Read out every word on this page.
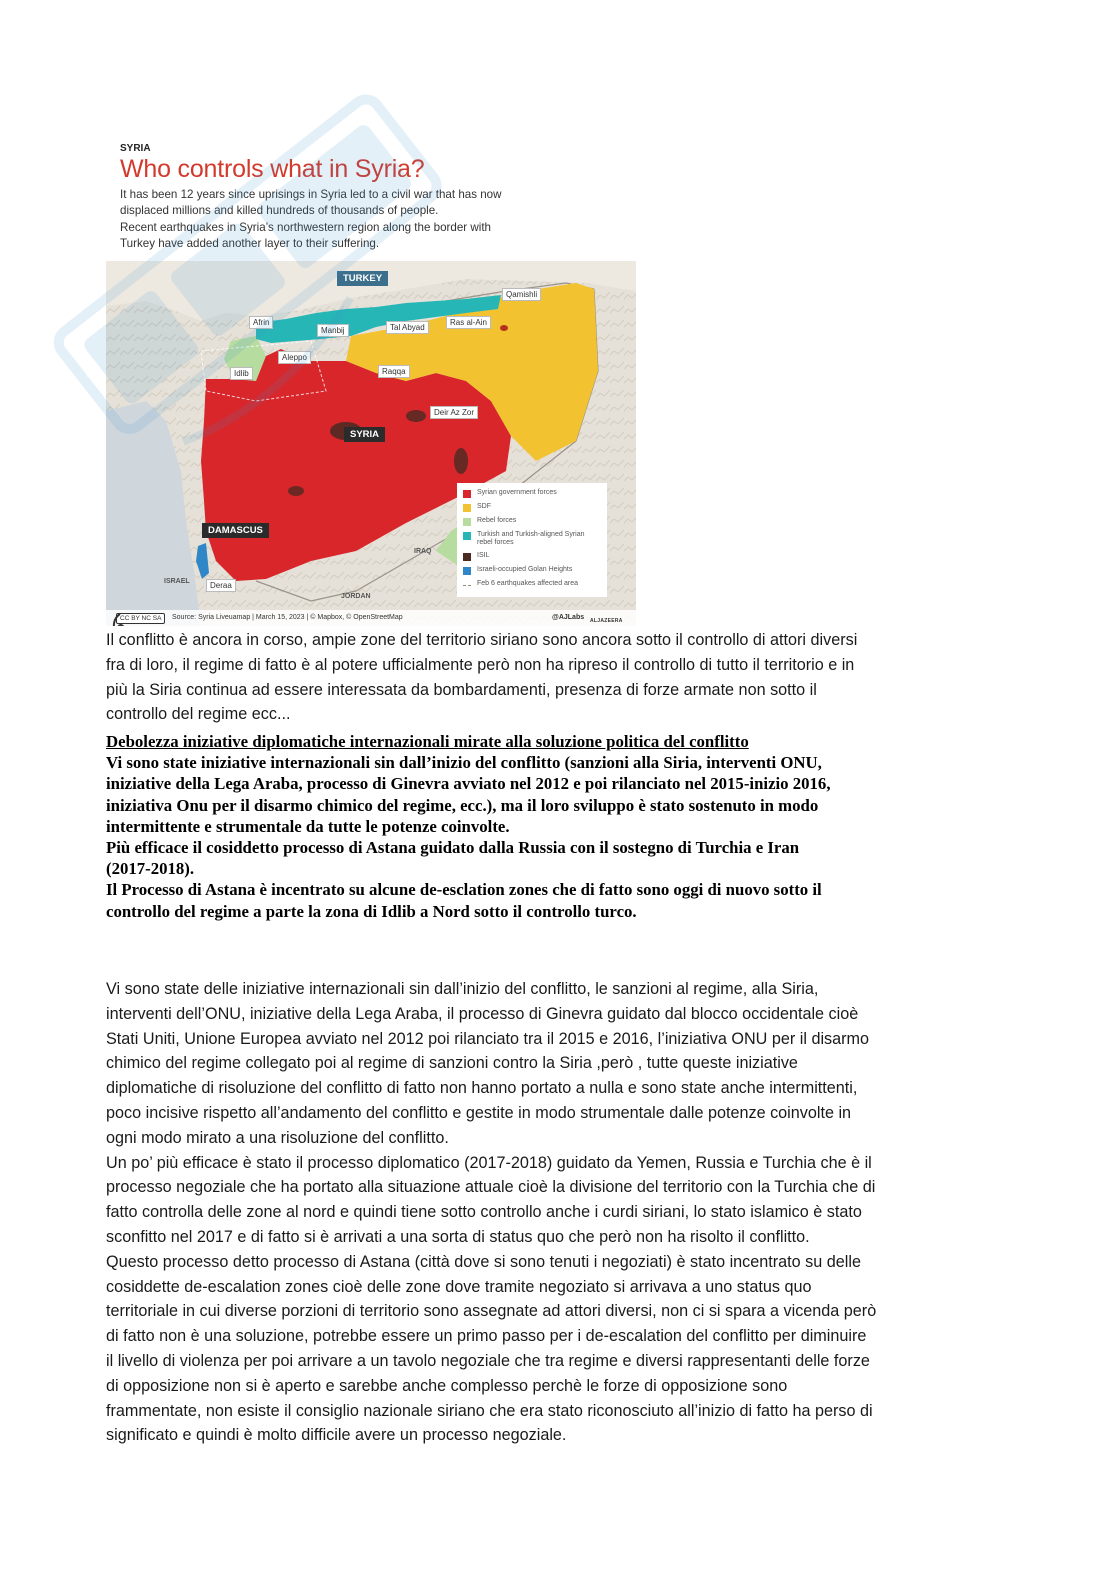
SYRIA
Who controls what in Syria?
It has been 12 years since uprisings in Syria led to a civil war that has now
displaced millions and killed hundreds of thousands of people.
Recent earthquakes in Syria’s northwestern region along the border with
Turkey have added another layer to their suffering.
TURKEY
Afrin
Manbij	Tal Abyad
Ras al-Ain
Qamishli
Aleppo
Idlib	Raqqa
Deir Az Zor
SYRIA
DAMASCUS
Deraa
IRAQ
JORDAN
ISRAEL
Syrian government forces
SDF
Rebel forces
Turkish and Turkish-aligned Syrian rebel forces
ISIL
Israeli-occupied Golan Heights
Feb 6 earthquakes affected area
CC BY NC SA	Source: Syria Liveuamap | March 15, 2023 | © Mapbox, © OpenStreetMap	@AJLabs ALJAZEERA
Il conflitto è ancora in corso, ampie zone del territorio siriano sono ancora sotto il controllo di attori diversi
fra di loro, il regime di fatto è al potere ufficialmente però non ha ripreso il controllo di tutto il territorio e in
più la Siria continua ad essere interessata da bombardamenti, presenza di forze armate non sotto il
controllo del regime ecc...
Debolezza iniziative diplomatiche internazionali mirate alla soluzione politica del conflitto
Vi sono state iniziative internazionali sin dall’inizio del conflitto (sanzioni alla Siria, interventi ONU,
iniziative della Lega Araba, processo di Ginevra avviato nel 2012 e poi rilanciato nel 2015-inizio 2016,
iniziativa Onu per il disarmo chimico del regime, ecc.), ma il loro sviluppo è stato sostenuto in modo
intermittente e strumentale da tutte le potenze coinvolte.
Più efficace il cosiddetto processo di Astana guidato dalla Russia con il sostegno di Turchia e Iran
(2017-2018).
Il Processo di Astana è incentrato su alcune de-esclation zones che di fatto sono oggi di nuovo sotto il
controllo del regime a parte la zona di Idlib a Nord sotto il controllo turco.
Vi sono state delle iniziative internazionali sin dall’inizio del conflitto, le sanzioni al regime, alla Siria,
interventi dell’ONU, iniziative della Lega Araba, il processo di Ginevra guidato dal blocco occidentale cioè
Stati Uniti, Unione Europea avviato nel 2012 poi rilanciato tra il 2015 e 2016, l’iniziativa ONU per il disarmo
chimico del regime collegato poi al regime di sanzioni contro la Siria ,però , tutte queste iniziative
diplomatiche di risoluzione del conflitto di fatto non hanno portato a nulla e sono state anche intermittenti,
poco incisive rispetto all’andamento del conflitto e gestite in modo strumentale dalle potenze coinvolte in
ogni modo mirato a una risoluzione del conflitto.
Un po’ più efficace è stato il processo diplomatico (2017-2018) guidato da Yemen, Russia e Turchia che è il
processo negoziale che ha portato alla situazione attuale cioè la divisione del territorio con la Turchia che di
fatto controlla delle zone al nord e quindi tiene sotto controllo anche i curdi siriani, lo stato islamico è stato
sconfitto nel 2017 e di fatto si è arrivati a una sorta di status quo che però non ha risolto il conflitto.
Questo processo detto processo di Astana (città dove si sono tenuti i negoziati) è stato incentrato su delle
cosiddette de-escalation zones cioè delle zone dove tramite negoziato si arrivava a uno status quo
territoriale in cui diverse porzioni di territorio sono assegnate ad attori diversi, non ci si spara a vicenda però
di fatto non è una soluzione, potrebbe essere un primo passo per i de-escalation del conflitto per diminuire
il livello di violenza per poi arrivare a un tavolo negoziale che tra regime e diversi rappresentanti delle forze
di opposizione non si è aperto e sarebbe anche complesso perchè le forze di opposizione sono
frammentate, non esiste il consiglio nazionale siriano che era stato riconosciuto all’inizio di fatto ha perso di
significato e quindi è molto difficile avere un processo negoziale.
